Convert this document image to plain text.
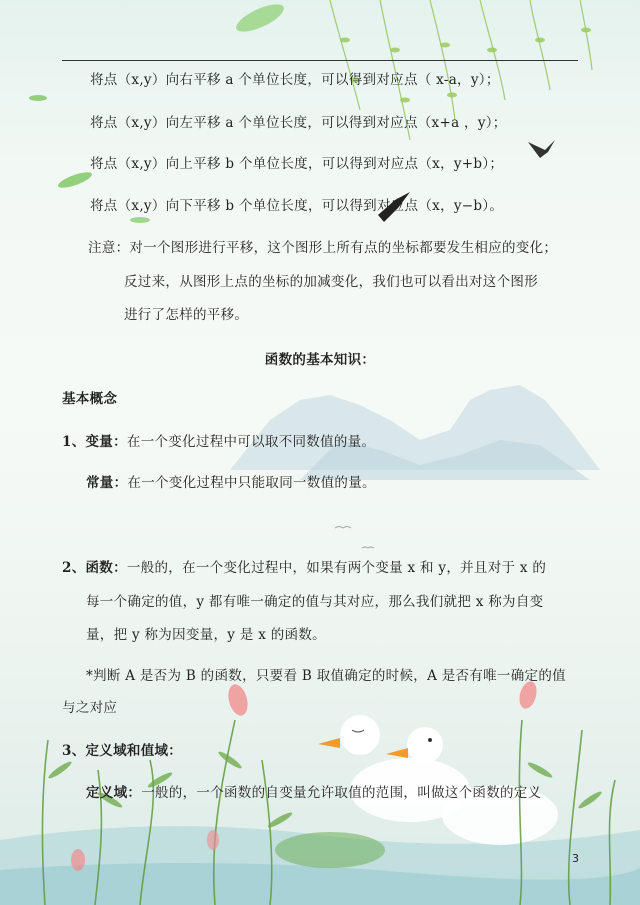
将点（x,y）向右平移 a 个单位长度，可以得到对应点（ x-a，y）；
将点（x,y）向左平移 a 个单位长度，可以得到对应点（x+a ，y）；
将点（x,y）向上平移 b 个单位长度，可以得到对应点（x，y+b）；
将点（x,y）向下平移 b 个单位长度，可以得到对应点（x，y−b）。
注意：对一个图形进行平移，这个图形上所有点的坐标都要发生相应的变化；
反过来，从图形上点的坐标的加减变化，我们也可以看出对这个图形
进行了怎样的平移。
函数的基本知识：
基本概念
1、变量：在一个变化过程中可以取不同数值的量。
常量：在一个变化过程中只能取同一数值的量。
2、函数：一般的，在一个变化过程中，如果有两个变量 x 和 y，并且对于 x 的
每一个确定的值，y 都有唯一确定的值与其对应，那么我们就把 x 称为自变
量，把 y 称为因变量，y 是 x 的函数。
*判断 A 是否为 B 的函数，只要看 B 取值确定的时候，A 是否有唯一确定的值
与之对应
3、定义域和值域：
定义域：一般的，一个函数的自变量允许取值的范围，叫做这个函数的定义
3
